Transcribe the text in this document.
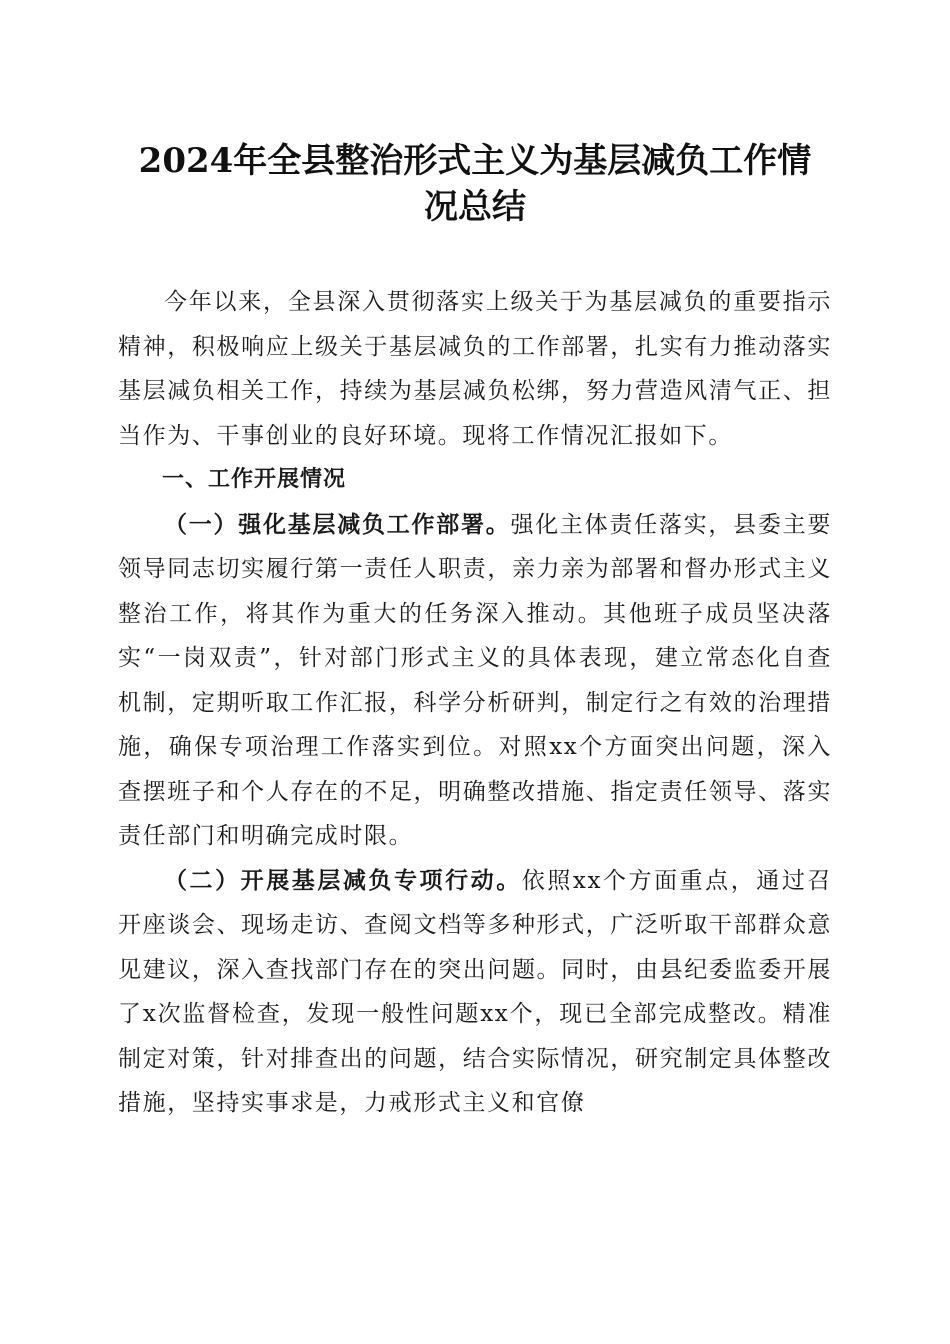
2024年全县整治形式主义为基层减负工作情
况总结

今年以来，全县深入贯彻落实上级关于为基层减负的重要指示精神，积极响应上级关于基层减负的工作部署，扎实有力推动落实基层减负相关工作，持续为基层减负松绑，努力营造风清气正、担当作为、干事创业的良好环境。现将工作情况汇报如下。

一、工作开展情况

（一）强化基层减负工作部署。强化主体责任落实，县委主要领导同志切实履行第一责任人职责，亲力亲为部署和督办形式主义整治工作，将其作为重大的任务深入推动。其他班子成员坚决落实“一岗双责”，针对部门形式主义的具体表现，建立常态化自查机制，定期听取工作汇报，科学分析研判，制定行之有效的治理措施，确保专项治理工作落实到位。对照xx个方面突出问题，深入查摆班子和个人存在的不足，明确整改措施、指定责任领导、落实责任部门和明确完成时限。

（二）开展基层减负专项行动。依照xx个方面重点，通过召开座谈会、现场走访、查阅文档等多种形式，广泛听取干部群众意见建议，深入查找部门存在的突出问题。同时，由县纪委监委开展了x次监督检查，发现一般性问题xx个，现已全部完成整改。精准制定对策，针对排查出的问题，结合实际情况，研究制定具体整改措施，坚持实事求是，力戒形式主义和官僚
